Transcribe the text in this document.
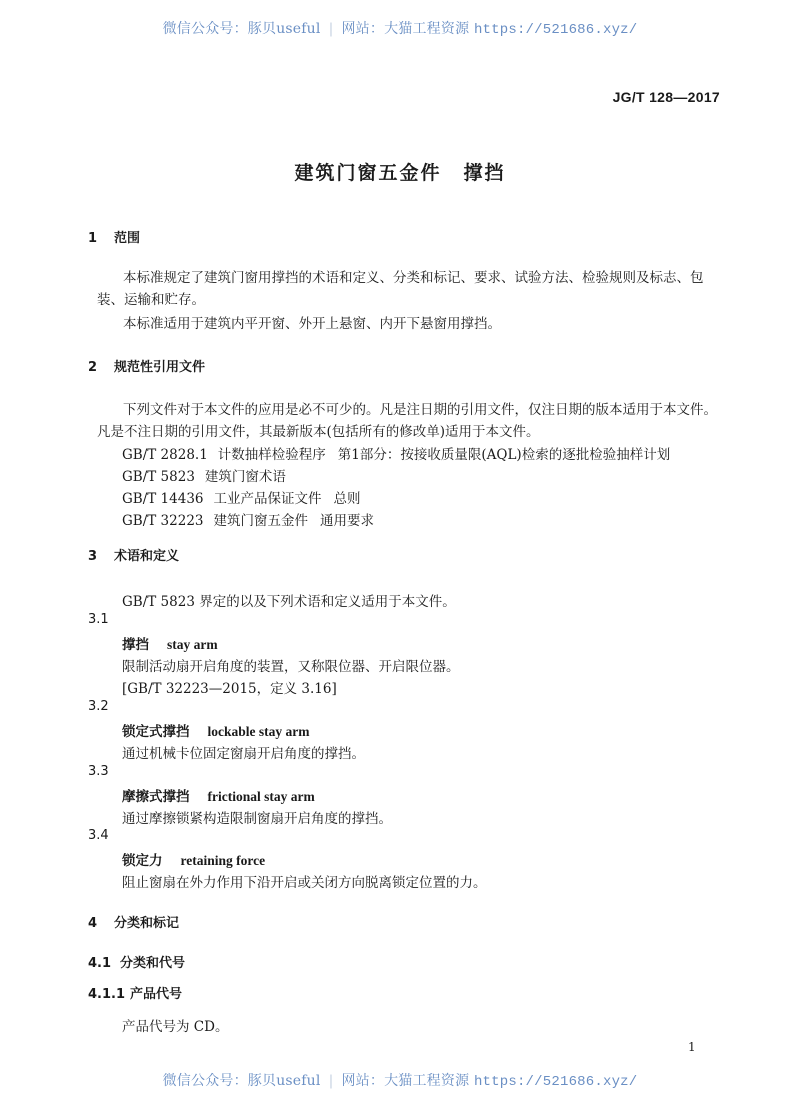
微信公众号：豚贝useful | 网站：大猫工程资源 https://521686.xyz/
JG/T 128—2017
建筑门窗五金件 撑挡
1 范围
本标准规定了建筑门窗用撑挡的术语和定义、分类和标记、要求、试验方法、检验规则及标志、包装、运输和贮存。
本标准适用于建筑内平开窗、外开上悬窗、内开下悬窗用撑挡。
2 规范性引用文件
下列文件对于本文件的应用是必不可少的。凡是注日期的引用文件，仅注日期的版本适用于本文件。凡是不注日期的引用文件，其最新版本(包括所有的修改单)适用于本文件。
GB/T 2828.1 计数抽样检验程序 第1部分：按接收质量限(AQL)检索的逐批检验抽样计划
GB/T 5823 建筑门窗术语
GB/T 14436 工业产品保证文件 总则
GB/T 32223 建筑门窗五金件 通用要求
3 术语和定义
GB/T 5823 界定的以及下列术语和定义适用于本文件。
3.1
撑挡 stay arm
限制活动扇开启角度的装置，又称限位器、开启限位器。
[GB/T 32223—2015，定义 3.16]
3.2
锁定式撑挡 lockable stay arm
通过机械卡位固定窗扇开启角度的撑挡。
3.3
摩擦式撑挡 frictional stay arm
通过摩擦锁紧构造限制窗扇开启角度的撑挡。
3.4
锁定力 retaining force
阻止窗扇在外力作用下沿开启或关闭方向脱离锁定位置的力。
4 分类和标记
4.1 分类和代号
4.1.1 产品代号
产品代号为 CD。
1
微信公众号：豚贝useful | 网站：大猫工程资源 https://521686.xyz/
